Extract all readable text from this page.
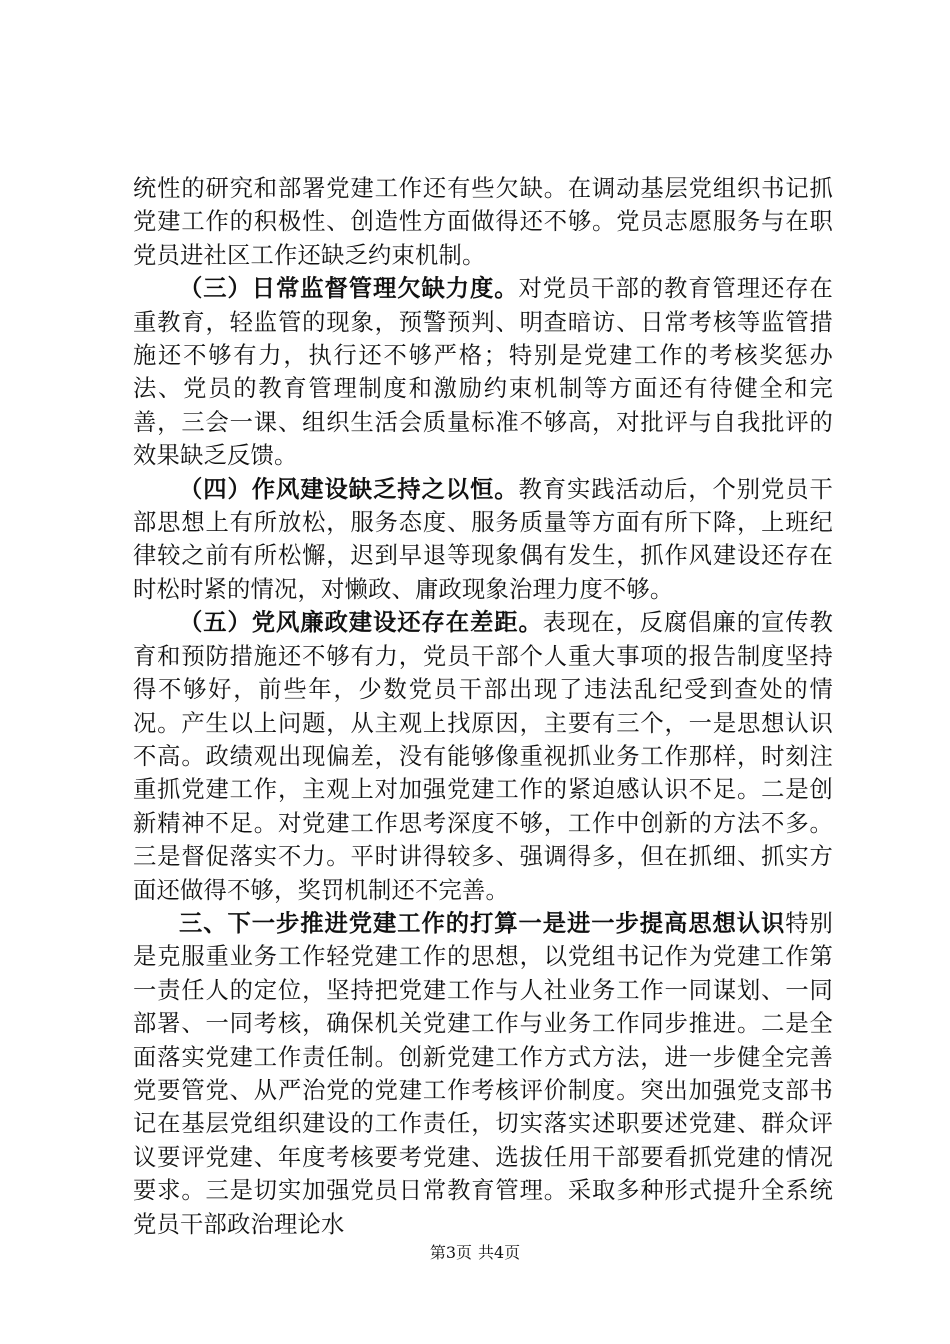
统性的研究和部署党建工作还有些欠缺。在调动基层党组织书记抓党建工作的积极性、创造性方面做得还不够。党员志愿服务与在职党员进社区工作还缺乏约束机制。

（三）日常监督管理欠缺力度。对党员干部的教育管理还存在重教育，轻监管的现象，预警预判、明查暗访、日常考核等监管措施还不够有力，执行还不够严格；特别是党建工作的考核奖惩办法、党员的教育管理制度和激励约束机制等方面还有待健全和完善，三会一课、组织生活会质量标准不够高，对批评与自我批评的效果缺乏反馈。

（四）作风建设缺乏持之以恒。教育实践活动后，个别党员干部思想上有所放松，服务态度、服务质量等方面有所下降，上班纪律较之前有所松懈，迟到早退等现象偶有发生，抓作风建设还存在时松时紧的情况，对懒政、庸政现象治理力度不够。

（五）党风廉政建设还存在差距。表现在，反腐倡廉的宣传教育和预防措施还不够有力，党员干部个人重大事项的报告制度坚持得不够好，前些年，少数党员干部出现了违法乱纪受到查处的情况。产生以上问题，从主观上找原因，主要有三个，一是思想认识不高。政绩观出现偏差，没有能够像重视抓业务工作那样，时刻注重抓党建工作，主观上对加强党建工作的紧迫感认识不足。二是创新精神不足。对党建工作思考深度不够，工作中创新的方法不多。三是督促落实不力。平时讲得较多、强调得多，但在抓细、抓实方面还做得不够，奖罚机制还不完善。

三、下一步推进党建工作的打算一是进一步提高思想认识特别是克服重业务工作轻党建工作的思想，以党组书记作为党建工作第一责任人的定位，坚持把党建工作与人社业务工作一同谋划、一同部署、一同考核，确保机关党建工作与业务工作同步推进。二是全面落实党建工作责任制。创新党建工作方式方法，进一步健全完善党要管党、从严治党的党建工作考核评价制度。突出加强党支部书记在基层党组织建设的工作责任，切实落实述职要述党建、群众评议要评党建、年度考核要考党建、选拔任用干部要看抓党建的情况要求。三是切实加强党员日常教育管理。采取多种形式提升全系统党员干部政治理论水

第3页 共4页
